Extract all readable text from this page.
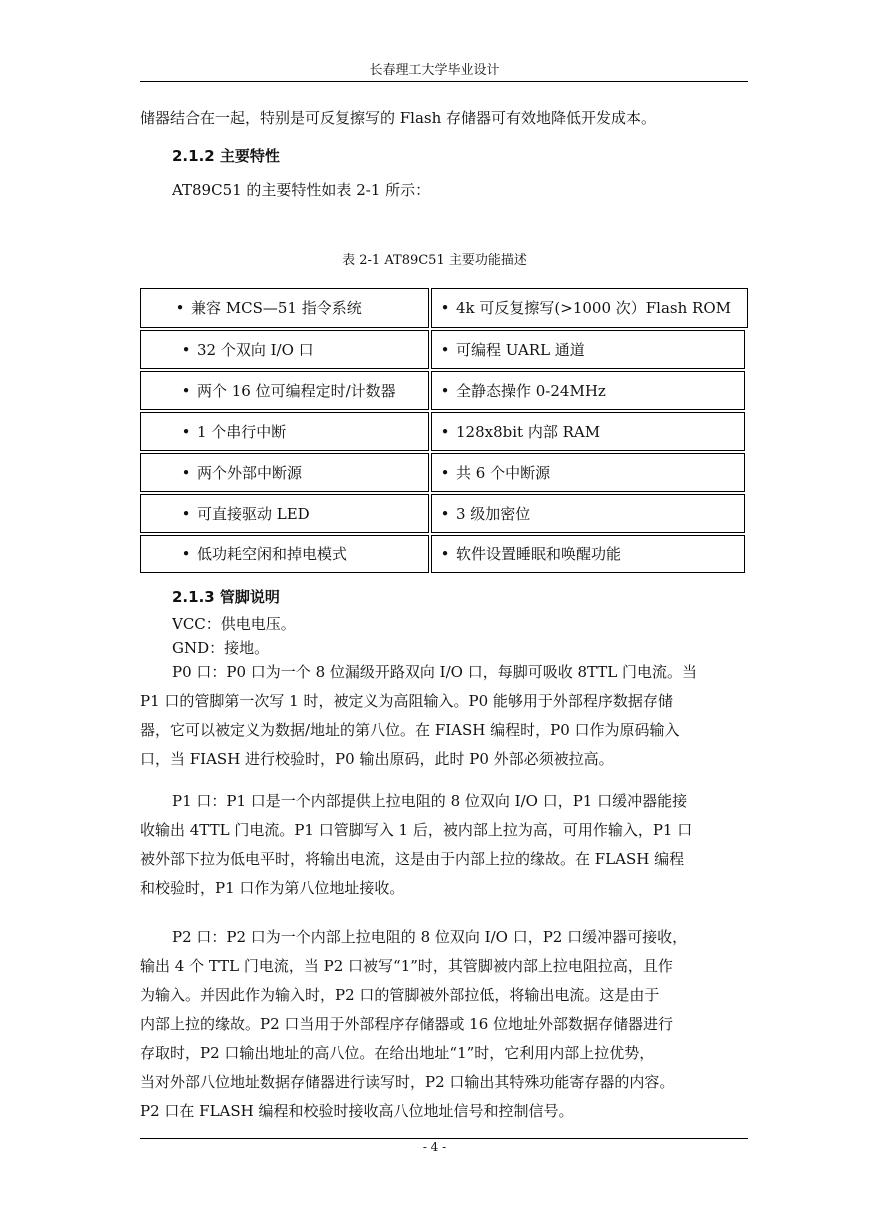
长春理工大学毕业设计
储器结合在一起，特别是可反复擦写的 Flash 存储器可有效地降低开发成本。
2.1.2 主要特性
AT89C51 的主要特性如表 2-1 所示：
表 2-1 AT89C51 主要功能描述
• 兼容 MCS—51 指令系统	• 4k 可反复擦写(>1000 次）Flash ROM
• 32 个双向 I/O 口	• 可编程 UARL 通道
• 两个 16 位可编程定时/计数器	• 全静态操作 0-24MHz
• 1 个串行中断	• 128x8bit 内部 RAM
• 两个外部中断源	• 共 6 个中断源
• 可直接驱动 LED	• 3 级加密位
• 低功耗空闲和掉电模式	• 软件设置睡眠和唤醒功能
2.1.3 管脚说明
VCC：供电电压。
GND：接地。
P0 口：P0 口为一个 8 位漏级开路双向 I/O 口，每脚可吸收 8TTL 门电流。当
P1 口的管脚第一次写 1 时，被定义为高阻输入。P0 能够用于外部程序数据存储
器，它可以被定义为数据/地址的第八位。在 FIASH 编程时，P0 口作为原码输入
口，当 FIASH 进行校验时，P0 输出原码，此时 P0 外部必须被拉高。
P1 口：P1 口是一个内部提供上拉电阻的 8 位双向 I/O 口，P1 口缓冲器能接
收输出 4TTL 门电流。P1 口管脚写入 1 后，被内部上拉为高，可用作输入，P1 口
被外部下拉为低电平时，将输出电流，这是由于内部上拉的缘故。在 FLASH 编程
和校验时，P1 口作为第八位地址接收。
P2 口：P2 口为一个内部上拉电阻的 8 位双向 I/O 口，P2 口缓冲器可接收，
输出 4 个 TTL 门电流，当 P2 口被写“1”时，其管脚被内部上拉电阻拉高，且作
为输入。并因此作为输入时，P2 口的管脚被外部拉低，将输出电流。这是由于
内部上拉的缘故。P2 口当用于外部程序存储器或 16 位地址外部数据存储器进行
存取时，P2 口输出地址的高八位。在给出地址“1”时，它利用内部上拉优势，
当对外部八位地址数据存储器进行读写时，P2 口输出其特殊功能寄存器的内容。
- 4 -
P2 口在 FLASH 编程和校验时接收高八位地址信号和控制信号。
